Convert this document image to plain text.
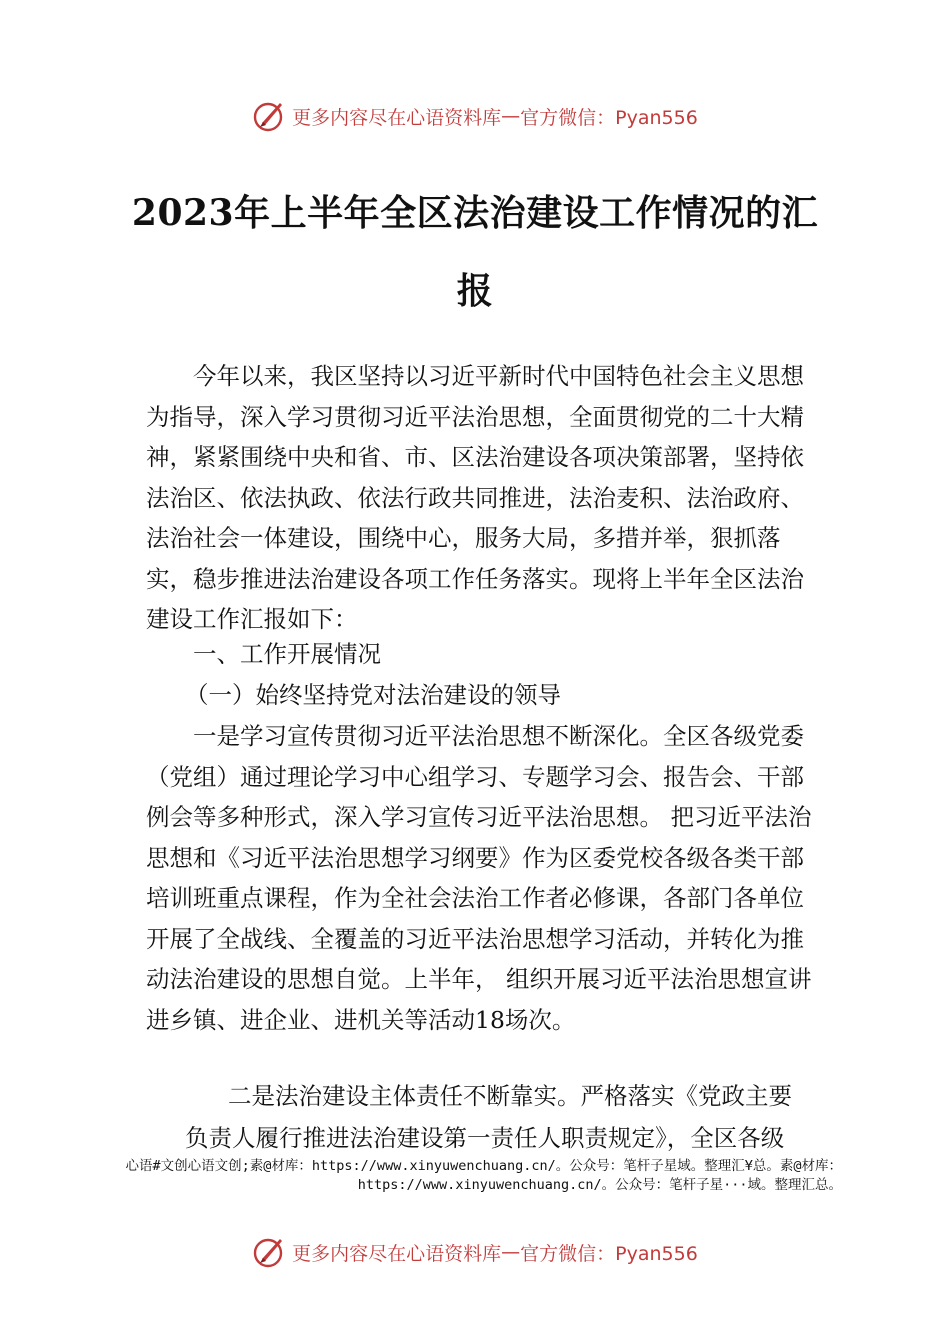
更多内容尽在心语资料库 — 官方微信：Pyan556
2023年上半年全区法治建设工作情况的汇报

今年以来，我区坚持以习近平新时代中国特色社会主义思想为指导，深入学习贯彻习近平法治思想，全面贯彻党的二十大精神，紧紧围绕中央和省、市、区法治建设各项决策部署，坚持依法治区、依法执政、依法行政共同推进，法治麦积、法治政府、法治社会一体建设，围绕中心，服务大局，多措并举，狠抓落实，稳步推进法治建设各项工作任务落实。现将上半年全区法治建设工作汇报如下：

一、工作开展情况

（一）始终坚持党对法治建设的领导

一是学习宣传贯彻习近平法治思想不断深化。全区各级党委（党组）通过理论学习中心组学习、专题学习会、报告会、干部例会等多种形式，深入学习宣传习近平法治思想。 把习近平法治思想和《习近平法治思想学习纲要》作为区委党校各级各类干部培训班重点课程，作为全社会法治工作者必修课，各部门各单位开展了全战线、全覆盖的习近平法治思想学习活动，并转化为推动法治建设的思想自觉。上半年， 组织开展习近平法治思想宣讲进乡镇、进企业、进机关等活动18场次。

二是法治建设主体责任不断靠实。严格落实《党政主要

负责人履行推进法治建设第一责任人职责规定》，全区各级

心语#文创心语文创;素@材库：https://www.xinyuwenchuang.cn/。公众号：笔杆子星域。整理汇¥总。素@材库：https://www.xinyuwenchuang.cn/。公众号：笔杆子星···域。整理汇总。
更多内容尽在心语资料库 — 官方微信：Pyan556
